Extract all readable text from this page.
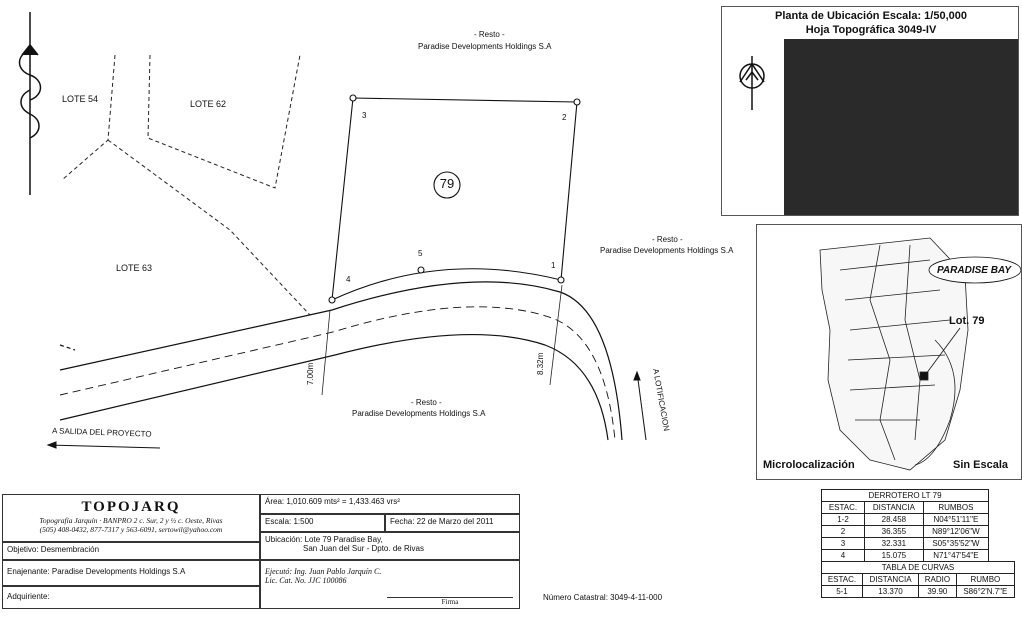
- Resto -
Paradise Developments Holdings S.A
- Resto -
Paradise Developments Holdings S.A
- Resto -
Paradise Developments Holdings S.A
LOTE 54	LOTE 62
LOTE 63
79
1
2
3
4
5
7.00m	8.32m
A SALIDA DEL PROYECTO
A LOTIFICACION
Planta de Ubicación Escala: 1/50,000
Hoja Topográfica 3049-IV
PARADISE BAY
Lot. 79
Microlocalización	Sin Escala
TOPOJARQ
Topografía Jarquín · BANPRO 2 c. Sur, 2 y ½ c. Oeste, Rivas
(505) 408-0432, 877-7317 y 563-6091, sertowil@yahoo.com
Área: 1,010.609 mts² = 1,433.463 vrs²
Escala: 1:500	Fecha: 22 de Marzo del 2011
Objetivo: Desmembración
Ubicación: Lote 79 Paradise Bay,
San Juan del Sur - Dpto. de Rivas
Enajenante: Paradise Developments Holdings S.A	Ejecutó: Ing. Juan Pablo Jarquín C.
Lic. Cat. No. JJC 100086
Firma
Adquiriente:	Número Catastral: 3049-4-11-000
DERROTERO LT 79		
ESTAC.	DISTANCIA	RUMBOS
1-2	28.458	N04°51'11"E
2	36.355	N89°12'06"W
3	32.331	S05°35'52"W
4	15.075	N71°47'54"E
TABLA DE CURVAS			
ESTAC.	DISTANCIA	RADIO	RUMBO
5-1	13.370	39.90	S86°2'N.7"E
